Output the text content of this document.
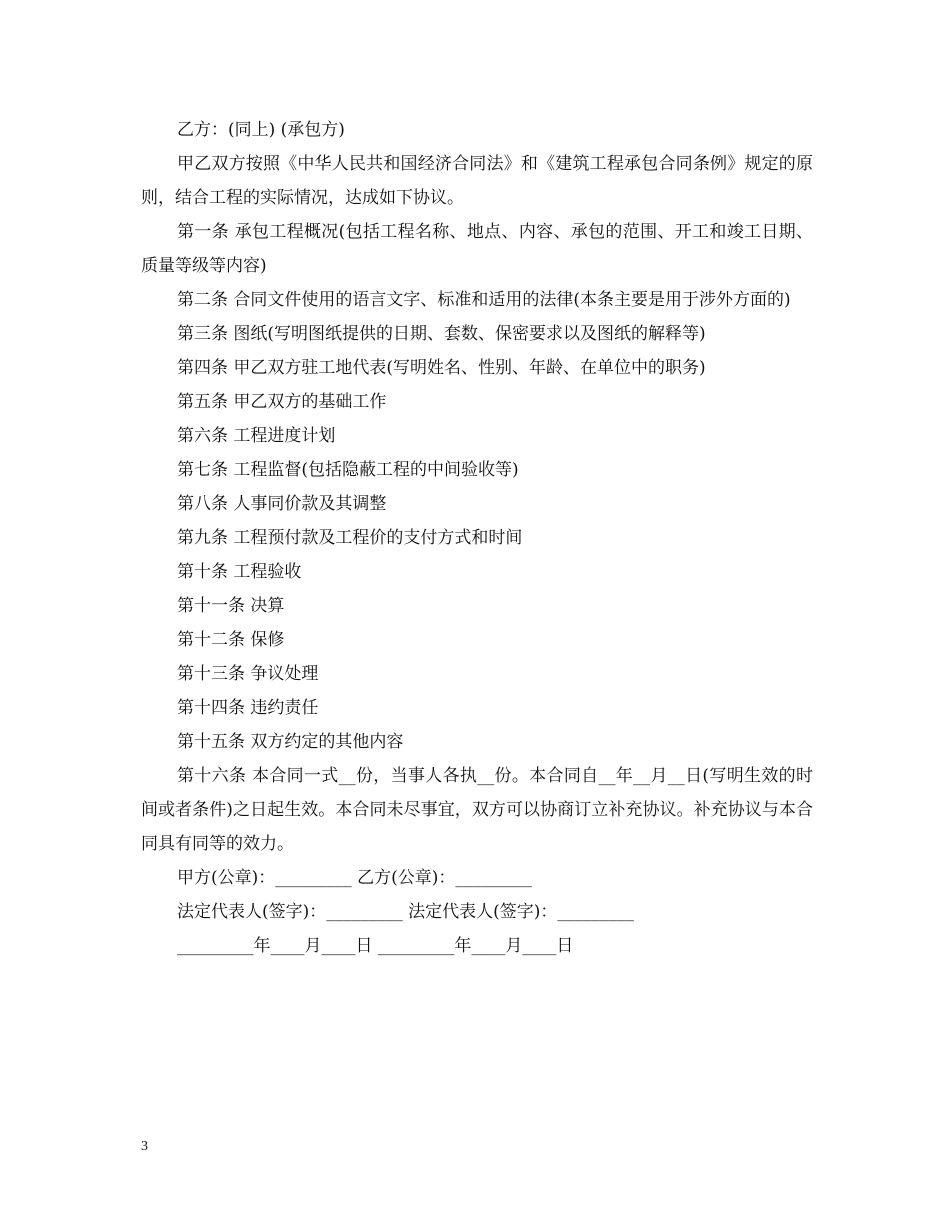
乙方：(同上) (承包方)

甲乙双方按照《中华人民共和国经济合同法》和《建筑工程承包合同条例》规定的原则，结合工程的实际情况，达成如下协议。

第一条 承包工程概况(包括工程名称、地点、内容、承包的范围、开工和竣工日期、质量等级等内容)

第二条 合同文件使用的语言文字、标准和适用的法律(本条主要是用于涉外方面的)

第三条 图纸(写明图纸提供的日期、套数、保密要求以及图纸的解释等)

第四条 甲乙双方驻工地代表(写明姓名、性别、年龄、在单位中的职务)

第五条 甲乙双方的基础工作

第六条 工程进度计划

第七条 工程监督(包括隐蔽工程的中间验收等)

第八条 人事同价款及其调整

第九条 工程预付款及工程价的支付方式和时间

第十条 工程验收

第十一条 决算

第十二条 保修

第十三条 争议处理

第十四条 违约责任

第十五条 双方约定的其他内容

第十六条 本合同一式__份，当事人各执__份。本合同自__年__月__日(写明生效的时间或者条件)之日起生效。本合同未尽事宜，双方可以协商订立补充协议。补充协议与本合同具有同等的效力。

甲方(公章)：_________ 乙方(公章)：_________

法定代表人(签字)：_________ 法定代表人(签字)：_________

_________年____月____日 _________年____月____日

3
